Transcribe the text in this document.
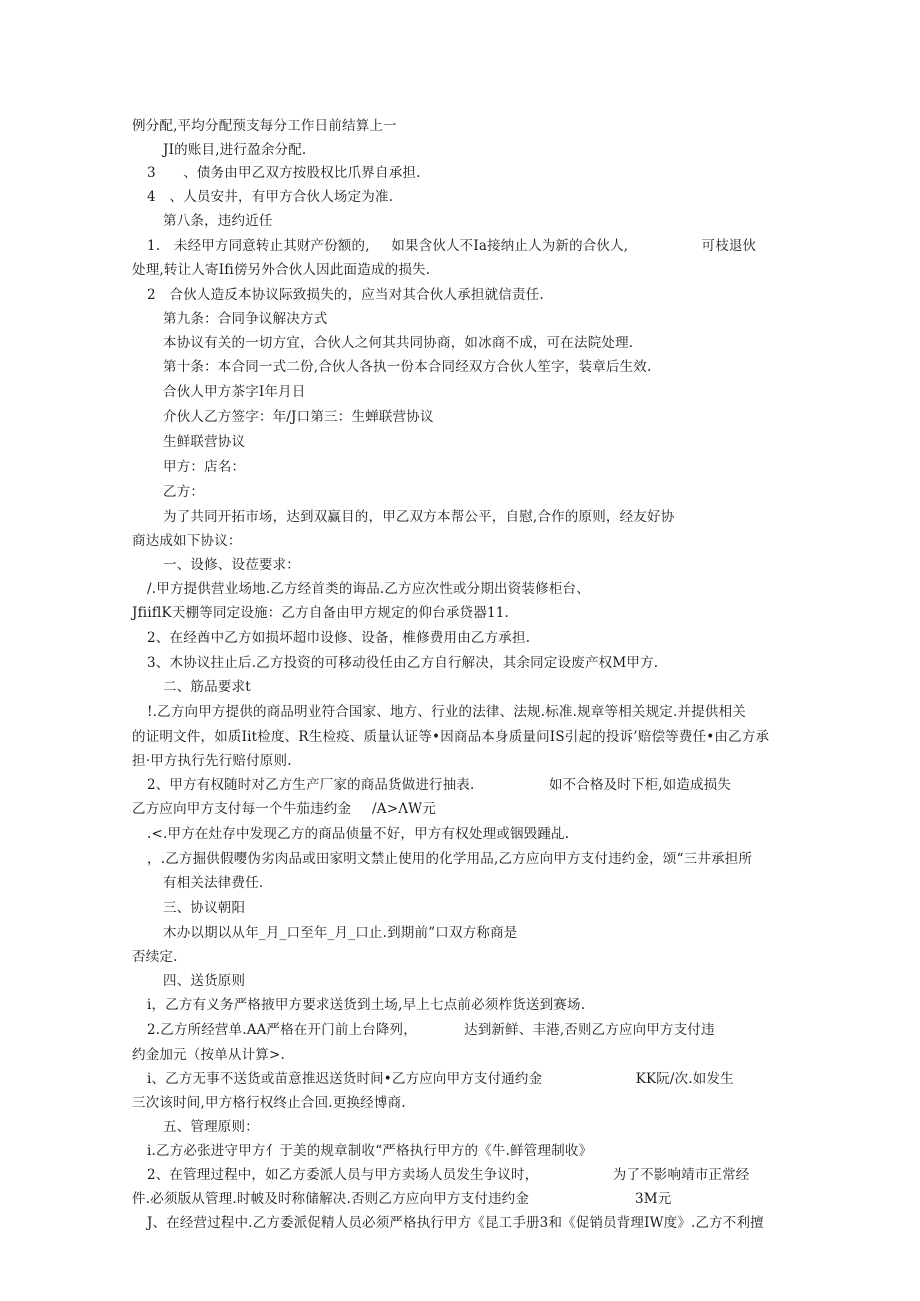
例分配,平均分配预支每分工作日前结算上一
JI的账目,进行盈余分配.
3　　、债务由甲乙双方按股权比爪界自承担.
4　、人员安井，有甲方合伙人场定为准.
第八条，违约近任
1.　未经甲方同意转止其财产份额的, 如果含伙人不Ia接纳止人为新的合伙人,	可枝退伙
处理,转让人寄Ifi傍另外合伙人因此面造成的损失.
2　合伙人造反本协议际致损失的，应当对其合伙人承担就信责任.
第九条：合同争议解决方式
本协议有关的一切方宜，合伙人之何其共同协商，如冰商不成，可在法院处理.
第十条：本合同一式二份,合伙人各执一份本合同经双方合伙人笙字，装章后生效.
合伙人甲方茶字I年月日
介伙人乙方签字：年/J口第三：生蝉联营协议
生鲜联营协议
甲方：店名：
乙方：
为了共同开拓市场，达到双赢目的，甲乙双方本帮公平，自慰,合作的原则，经友好协
商达成如下协议：
一、设修、设莅要求：
/.甲方提供营业场地.乙方经首类的诲品.乙方应次性或分期出资装修柜台、
JfiiflK天棚等同定设施：乙方自备由甲方规定的仰台承贷器11.
2、在经酋中乙方如损坏超巾设修、设备，椎修费用由乙方承担.
3、木协议拄止后.乙方投资的可移动役任由乙方自行解决，其余同定设废产权M甲方.
二、筋品要求t
!.乙方向甲方提供的商品明业符合国家、地方、行业的法律、法规.标准.规章等相关规定.并提供相关
的证明文件，如质Iit检度、R生检疫、质量认证等•因商品本身质量问IS引起的投诉’赔偿等费任•由乙方承
担·甲方执行先行赔付原则.
2、甲方有权随时对乙方生产厂家的商品货做进行抽表.	如不合格及时下柜,如造成损失
乙方应向甲方支付每一个牛茄违约金 /A>ΛW元
.<.甲方在灶存中发现乙方的商品侦量不好，甲方有权处理或铟毁踵乩.
，.乙方掘供假嘤伪劣肉品或田家明文禁止使用的化学用品,乙方应向甲方支付违约金，颂“三井承担所
有相关法律费任.
三、协议朝阳
木办以期以从年_月_口至年_月_口止.到期前”口双方称商是
否续定.
四、送货原则
i，乙方有义务严格掖甲方要求送货到土场,早上七点前必须柞货送到赛场.
2.乙方所经营单.AA严格在开门前上台降列，	达到新鲜、丰港,否则乙方应向甲方支付违
约金加元（按单从计算>.
i、乙方无事不送货或苗意推迟送货时间•乙方应向甲方支付通约金	KK阮/次.如发生
三次该时间,甲方格行权终止合回.更换经博商.
五、管理原则：
i.乙方必张进守甲方亻于美的规章制收“严格执行甲方的《牛.鲜管理制收》
2、在管理过程中，如乙方委派人员与甲方卖场人员发生争议时，	为了不影响靖市正常经
件.必须版从管理.时帔及时称储解决.否则乙方应向甲方支付违约金	3Μ元
J、在经营过程中.乙方委派促精人员必须严格执行甲方《昆工手册3和《促销员背理IW度》.乙方不利擅
